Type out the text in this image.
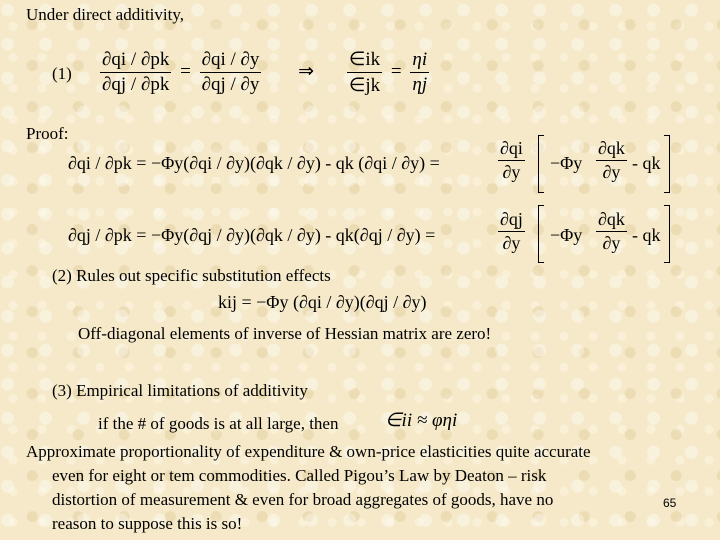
Under direct additivity,
$(1) \frac{\partial qi / \partial pk}{\partial qj / \partial pk} = \frac{\partial qi / \partial y}{\partial qj / \partial y}$ ⇒ $\frac{\in ik}{\in jk} = \frac{\eta i}{\eta j}$
Proof:
∂qi / ∂pk = −Φy(∂qi / ∂y)(∂qk / ∂y) - qk (∂qi / ∂y) =	$\frac{\partial qi}{\partial y} -\Phi y \frac{\partial qk}{\partial y}$ - qk
∂qj / ∂pk = −Φy(∂qj / ∂y)(∂qk / ∂y) - qk(∂qj / ∂y) =	$\frac{\partial qj}{\partial y} -\Phi y \frac{\partial qk}{\partial y}$ - qk
(2) Rules out specific substitution effects
kij = −Φy (∂qi / ∂y)(∂qj / ∂y)
Off-diagonal elements of inverse of Hessian matrix are zero!
(3) Empirical limitations of additivity
if the # of goods is at all large, then ∈ii ≈ φηi
Approximate proportionality of expenditure & own-price elasticities quite accurate
even for eight or tem commodities. Called Pigou’s Law by Deaton – risk
distortion of measurement & even for broad aggregates of goods, have no
reason to suppose this is so!
65
